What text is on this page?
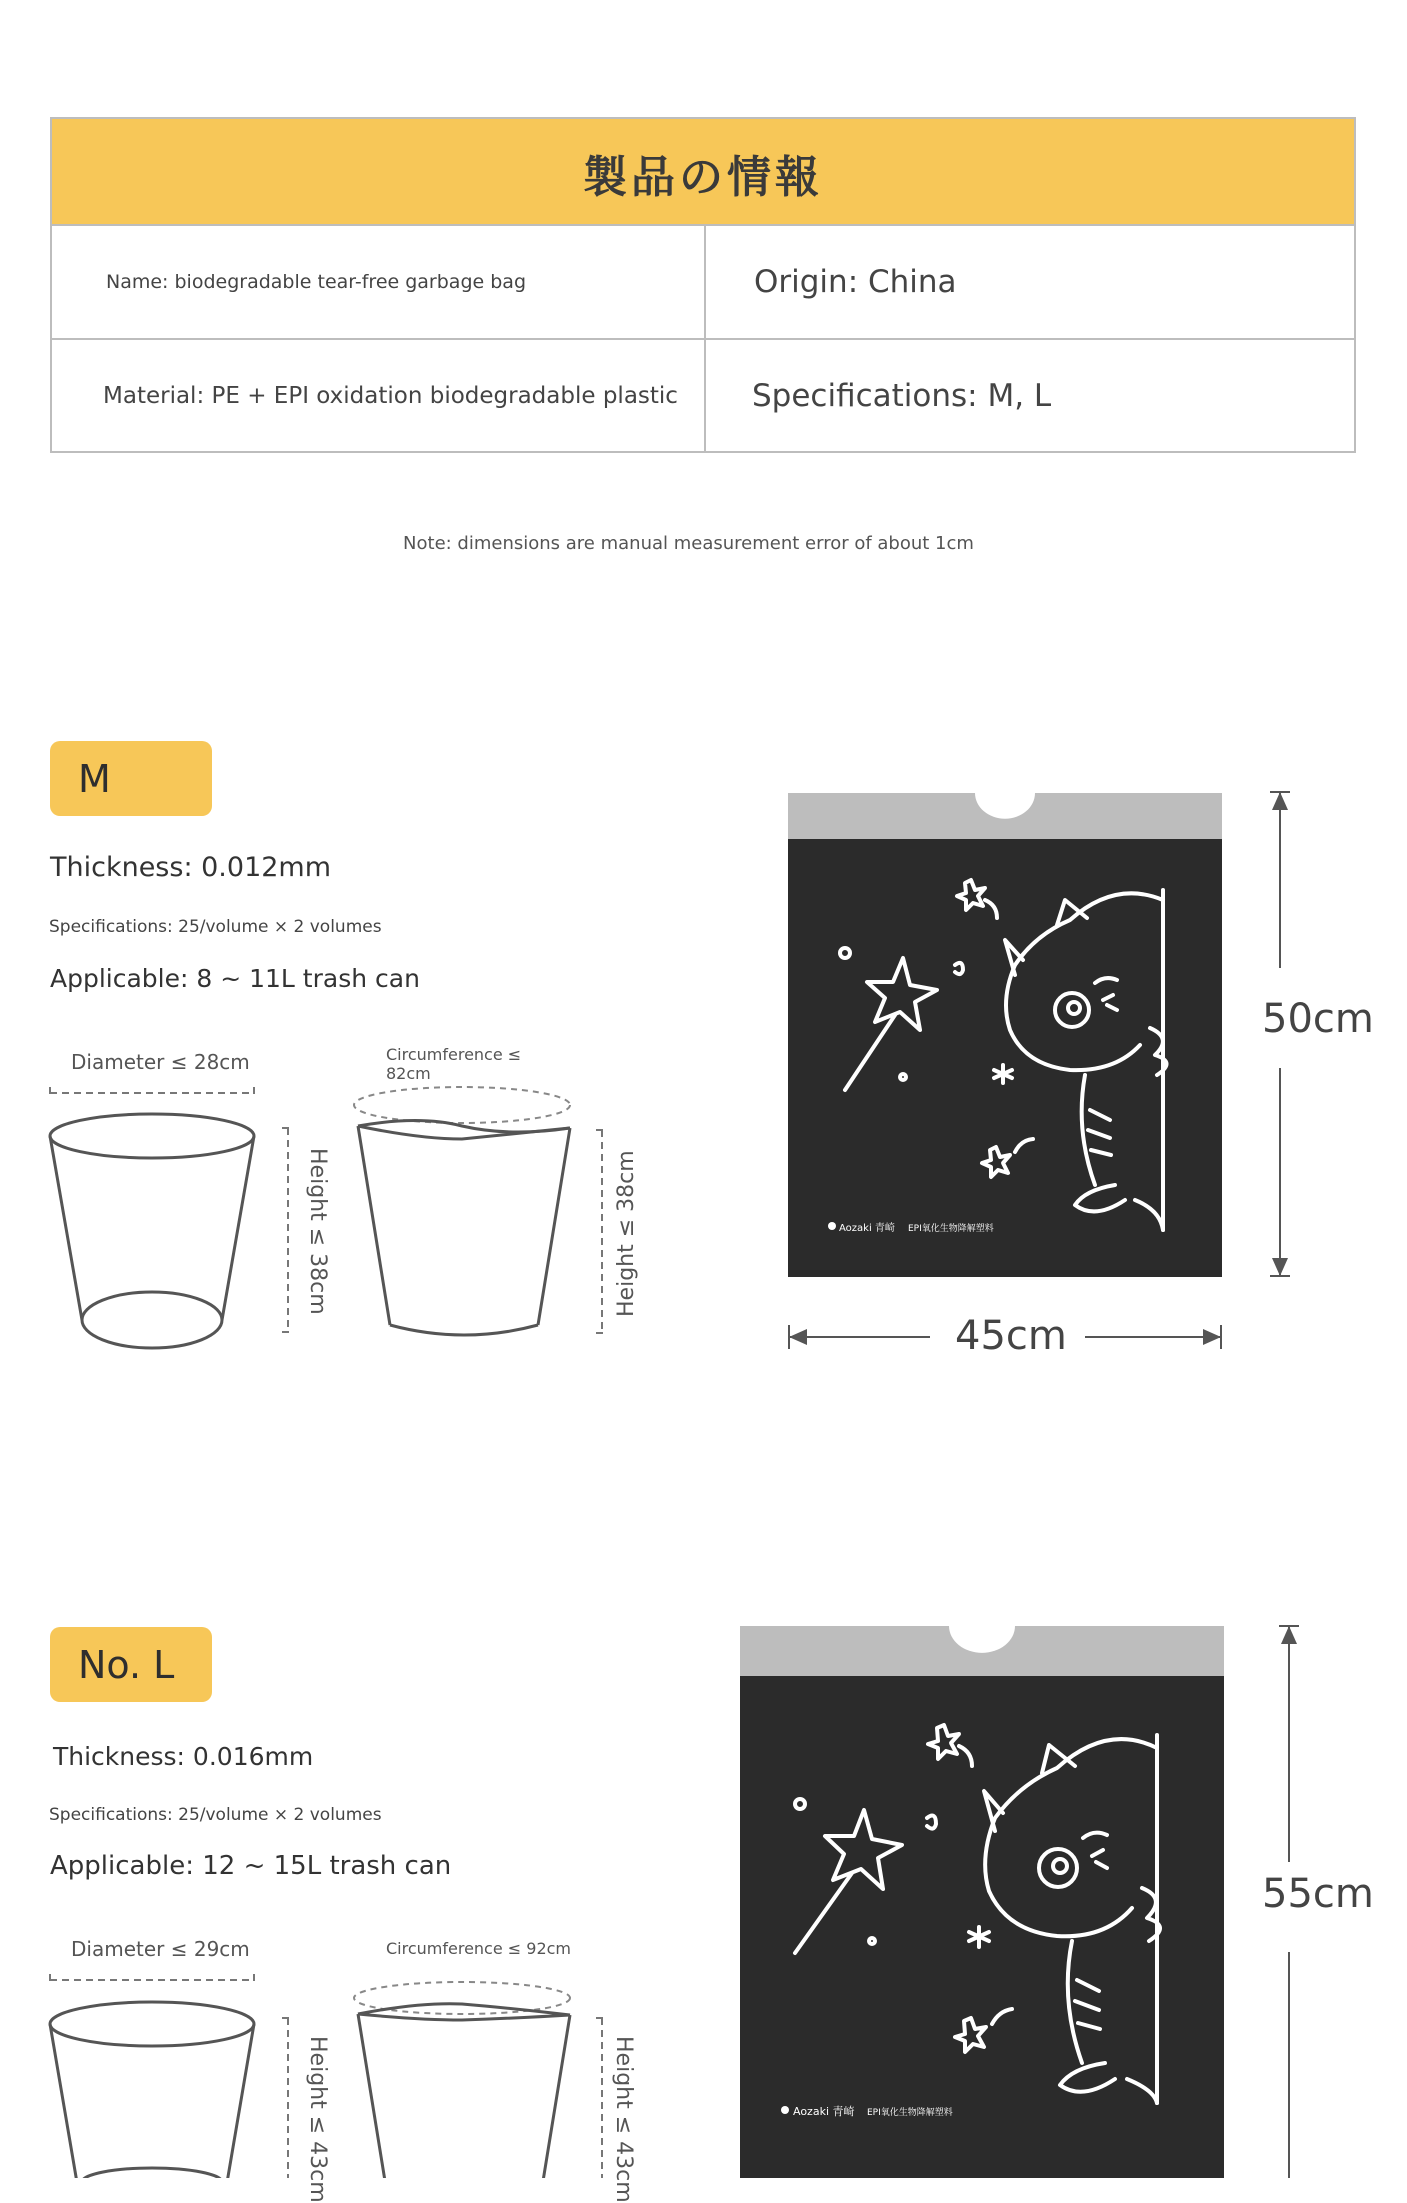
製品の情報
Name: biodegradable tear-free garbage bag	Origin: China
Material: PE + EPI oxidation biodegradable plastic	Specifications: M, L
Note: dimensions are manual measurement error of about 1cm
M
Thickness: 0.012mm
Specifications: 25/volume × 2 volumes
Applicable: 8 ~ 11L trash can
Diameter ≤ 28cm	Circumference ≤ 82cm
Height ≤ 38cm	Height ≤ 38cm	Aozaki 青崎 EPI氧化生物降解塑料
50cm
45cm
No. L
Thickness: 0.016mm
Specifications: 25/volume × 2 volumes
Applicable: 12 ~ 15L trash can
Diameter ≤ 29cm	Circumference ≤ 92cm
Height ≤ 43cm	Height ≤ 43cm	Aozaki 青崎 EPI氧化生物降解塑料
55cm
